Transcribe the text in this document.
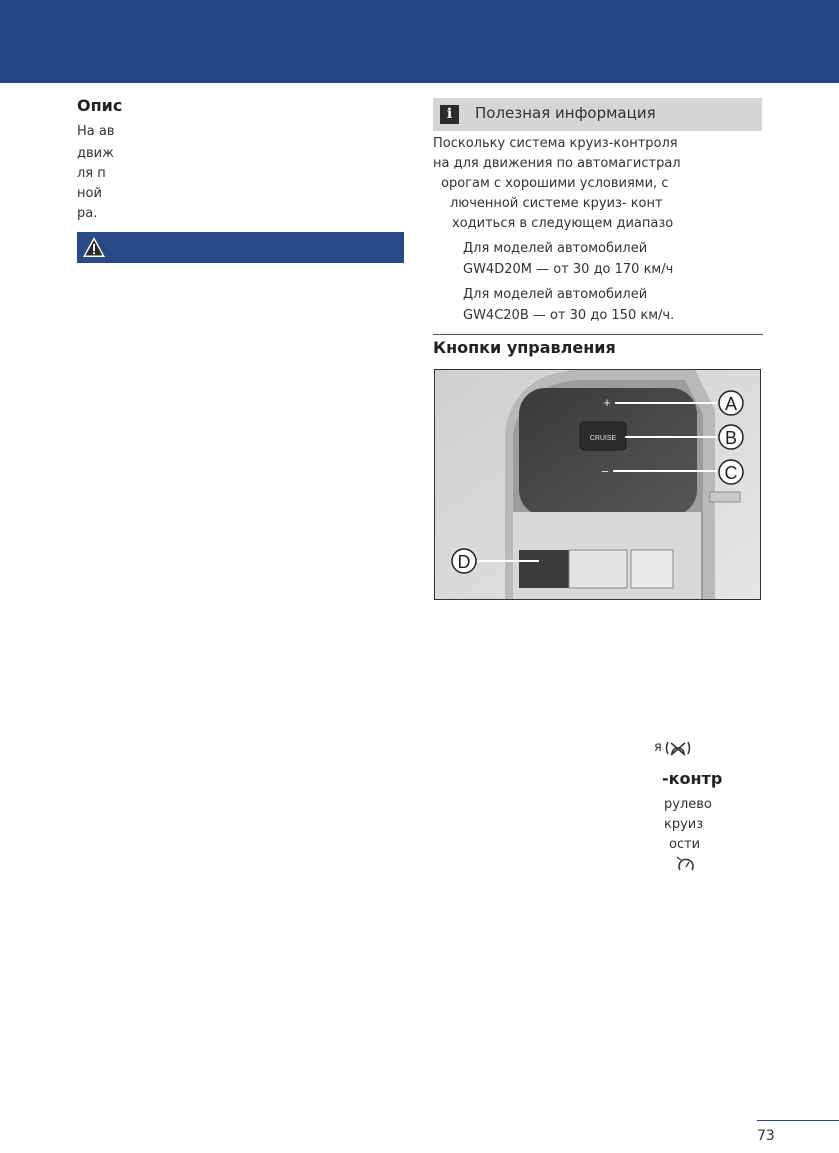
Опис
На ав
движ
ля п
ной
ра.
i	Полезная информация
Поскольку система круиз-контроля
на для движения по автомагистрал
орогам с хорошими условиями, с
люченной системе круиз- конт
ходиться в следующем диапазо
Для моделей автомобилей
GW4D20M — от 30 до 170 км/ч
Для моделей автомобилей
GW4C20B — от 30 до 150 км/ч.
Кнопки управления
CRUISE
+
−
A
B
C
D
я
-контр
рулево
круиз
ости
73
